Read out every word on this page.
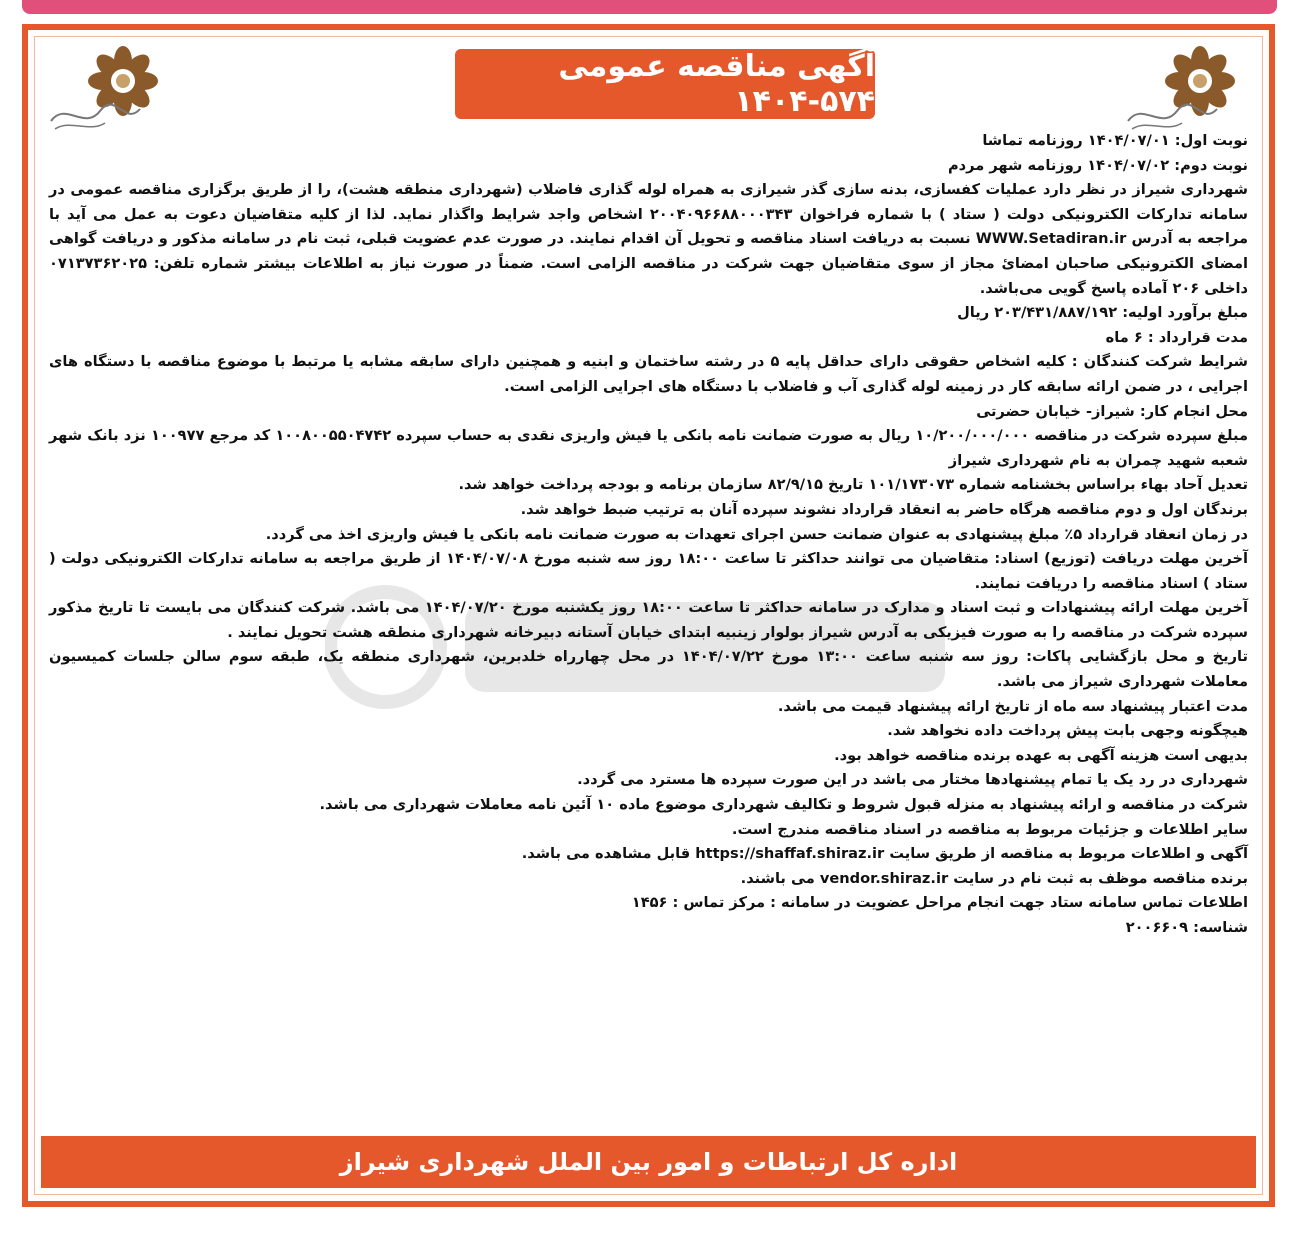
آگهی مناقصه عمومی ۵۷۴-۱۴۰۴

نوبت اول: ۱۴۰۴/۰۷/۰۱ روزنامه تماشا

نوبت دوم: ۱۴۰۴/۰۷/۰۲ روزنامه شهر مردم

شهرداری شیراز در نظر دارد عملیات کفسازی، بدنه سازی گذر شیرازی به همراه لوله گذاری فاضلاب (شهرداری منطقه هشت)، را از طریق برگزاری مناقصه عمومی در سامانه تدارکات الکترونیکی دولت ( ستاد ) با شماره فراخوان ۲۰۰۴۰۹۶۶۸۸۰۰۰۳۴۳ اشخاص واجد شرایط واگذار نماید. لذا از کلیه متقاضیان دعوت به عمل می آید با مراجعه به آدرس WWW.Setadiran.ir نسبت به دریافت اسناد مناقصه و تحویل آن اقدام نمایند. در صورت عدم عضویت قبلی، ثبت نام در سامانه مذکور و دریافت گواهی امضای الکترونیکی صاحبان امضائ مجاز از سوی متقاضیان جهت شرکت در مناقصه الزامی است. ضمناً در صورت نیاز به اطلاعات بیشتر شماره تلفن: ۰۷۱۳۷۳۶۲۰۲۵ داخلی ۲۰۶ آماده پاسخ گویی می‌باشد.

مبلغ برآورد اولیه: ۲۰۳/۴۳۱/۸۸۷/۱۹۲ ریال

مدت قرارداد : ۶ ماه

شرایط شرکت کنندگان : کلیه اشخاص حقوقی دارای حداقل پایه ۵ در رشته ساختمان و ابنیه و همچنین دارای سابقه مشابه یا مرتبط با موضوع مناقصه با دستگاه های اجرایی ، در ضمن ارائه سابقه کار در زمینه لوله گذاری آب و فاضلاب با دستگاه های اجرایی الزامی است.

محل انجام کار: شیراز- خیابان حضرتی

مبلغ سپرده شرکت در مناقصه ۱۰/۲۰۰/۰۰۰/۰۰۰ ریال به صورت ضمانت نامه بانکی یا فیش واریزی نقدی به حساب سپرده ۱۰۰۸۰۰۵۵۰۴۷۴۲ کد مرجع ۱۰۰۹۷۷ نزد بانک شهر شعبه شهید چمران به نام شهرداری شیراز

تعدیل آحاد بهاء براساس بخشنامه شماره ۱۰۱/۱۷۳۰۷۳ تاریخ ۸۲/۹/۱۵ سازمان برنامه و بودجه پرداخت خواهد شد.

برندگان اول و دوم مناقصه هرگاه حاضر به انعقاد قرارداد نشوند سپرده آنان به ترتیب ضبط خواهد شد.

در زمان انعقاد قرارداد ۵٪ مبلغ پیشنهادی به عنوان ضمانت حسن اجرای تعهدات به صورت ضمانت نامه بانکی یا فیش واریزی اخذ می گردد.

آخرین مهلت دریافت (توزیع) اسناد: متقاضیان می توانند حداکثر تا ساعت ۱۸:۰۰ روز سه شنبه مورخ ۱۴۰۴/۰۷/۰۸ از طریق مراجعه به سامانه تدارکات الکترونیکی دولت ( ستاد ) اسناد مناقصه را دریافت نمایند.

آخرین مهلت ارائه پیشنهادات و ثبت اسناد و مدارک در سامانه حداکثر تا ساعت ۱۸:۰۰ روز یکشنبه مورخ ۱۴۰۴/۰۷/۲۰ می باشد. شرکت کنندگان می بایست تا تاریخ مذکور سپرده شرکت در مناقصه را به صورت فیزیکی به آدرس شیراز بولوار زینبیه ابتدای خیابان آستانه دبیرخانه شهرداری منطقه هشت تحویل نمایند .

تاریخ و محل بازگشایی پاکات: روز سه شنبه ساعت ۱۳:۰۰ مورخ ۱۴۰۴/۰۷/۲۲ در محل چهارراه خلدبرین، شهرداری منطقه یک، طبقه سوم سالن جلسات کمیسیون معاملات شهرداری شیراز می باشد.

مدت اعتبار پیشنهاد سه ماه از تاریخ ارائه پیشنهاد قیمت می باشد.

هیچگونه وجهی بابت پیش پرداخت داده نخواهد شد.

بدیهی است هزینه آگهی به عهده برنده مناقصه خواهد بود.

شهرداری در رد یک یا تمام پیشنهادها مختار می باشد در این صورت سپرده ها مسترد می گردد.

شرکت در مناقصه و ارائه پیشنهاد به منزله قبول شروط و تکالیف شهرداری موضوع ماده ۱۰ آئین نامه معاملات شهرداری می باشد.

سایر اطلاعات و جزئیات مربوط به مناقصه در اسناد مناقصه مندرج است.

آگهی و اطلاعات مربوط به مناقصه از طریق سایت https://shaffaf.shiraz.ir قابل مشاهده می باشد.

برنده مناقصه موظف به ثبت نام در سایت vendor.shiraz.ir می باشند.

اطلاعات تماس سامانه ستاد جهت انجام مراحل عضویت در سامانه : مرکز تماس : ۱۴۵۶

شناسه: ۲۰۰۶۶۰۹

اداره کل ارتباطات و امور بین الملل شهرداری شیراز
